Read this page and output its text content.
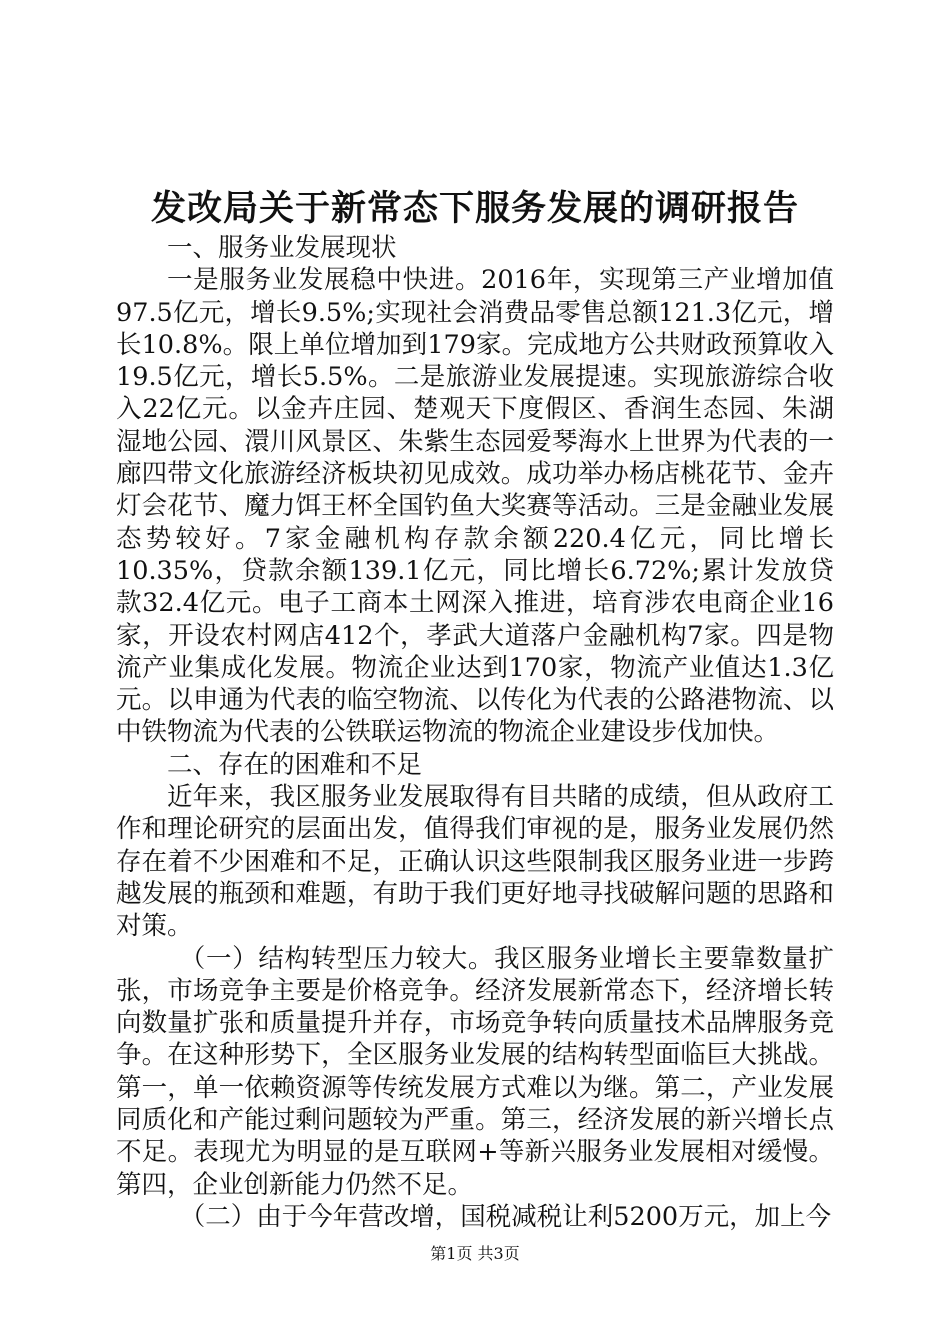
发改局关于新常态下服务发展的调研报告

一、服务业发展现状

一是服务业发展稳中快进。2016年，实现第三产业增加值97.5亿元，增长9.5%;实现社会消费品零售总额121.3亿元，增长10.8%。限上单位增加到179家。完成地方公共财政预算收入19.5亿元，增长5.5%。二是旅游业发展提速。实现旅游综合收入22亿元。以金卉庄园、楚观天下度假区、香润生态园、朱湖湿地公园、澴川风景区、朱紫生态园爱琴海水上世界为代表的一廊四带文化旅游经济板块初见成效。成功举办杨店桃花节、金卉灯会花节、魔力饵王杯全国钓鱼大奖赛等活动。三是金融业发展态势较好。7家金融机构存款余额220.4亿元，同比增长10.35%，贷款余额139.1亿元，同比增长6.72%;累计发放贷款32.4亿元。电子工商本土网深入推进，培育涉农电商企业16家，开设农村网店412个，孝武大道落户金融机构7家。四是物流产业集成化发展。物流企业达到170家，物流产业值达1.3亿元。以申通为代表的临空物流、以传化为代表的公路港物流、以中铁物流为代表的公铁联运物流的物流企业建设步伐加快。

二、存在的困难和不足

近年来，我区服务业发展取得有目共睹的成绩，但从政府工作和理论研究的层面出发，值得我们审视的是，服务业发展仍然存在着不少困难和不足，正确认识这些限制我区服务业进一步跨越发展的瓶颈和难题，有助于我们更好地寻找破解问题的思路和对策。

（一）结构转型压力较大。我区服务业增长主要靠数量扩张，市场竞争主要是价格竞争。经济发展新常态下，经济增长转向数量扩张和质量提升并存，市场竞争转向质量技术品牌服务竞争。在这种形势下，全区服务业发展的结构转型面临巨大挑战。第一，单一依赖资源等传统发展方式难以为继。第二，产业发展同质化和产能过剩问题较为严重。第三，经济发展的新兴增长点不足。表现尤为明显的是互联网+等新兴服务业发展相对缓慢。第四，企业创新能力仍然不足。

（二）由于今年营改增，国税减税让利5200万元，加上今

第1页 共3页
